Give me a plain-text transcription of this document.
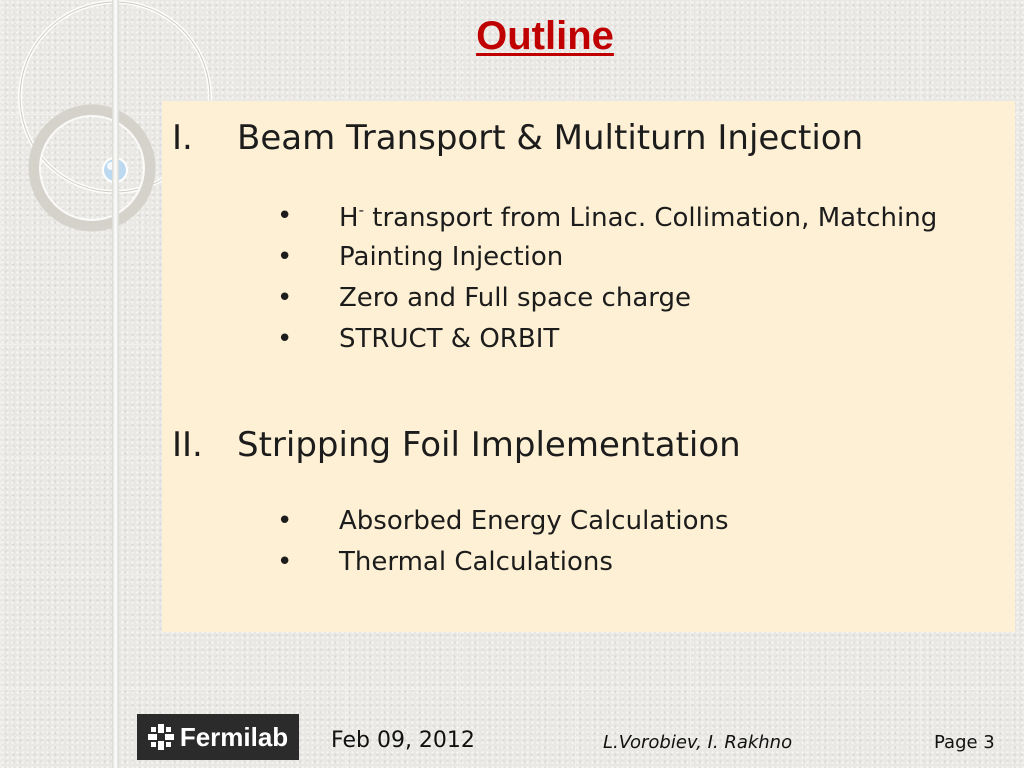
Outline
I. Beam Transport & Multiturn Injection
• H- transport from Linac. Collimation, Matching
• Painting Injection
• Zero and Full space charge
• STRUCT & ORBIT
II. Stripping Foil Implementation
• Absorbed Energy Calculations
• Thermal Calculations
Fermilab Feb 09, 2012	L.Vorobiev, I. Rakhno	Page 3
